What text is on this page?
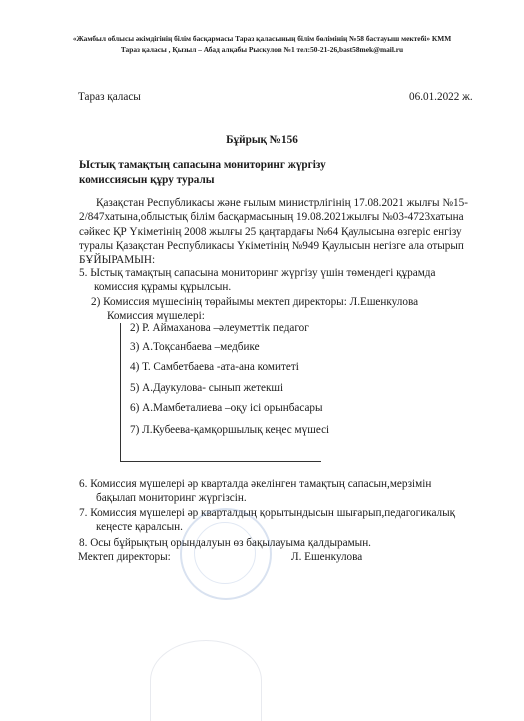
«Жамбыл облысы әкімдігінің білім басқармасы Тараз қаласының білім бөлімінің №58 бастауыш мектебі» КММ
Тараз қаласы , Қызыл – Абад алқабы Рыскулов №1 тел:50-21-26,bast58mek@mail.ru
Тараз қаласы	06.01.2022 ж.
Бұйрық №156
Ыстық тамақтың сапасына мониторинг жүргізу
комиссиясын құру туралы
Қазақстан Республикасы және ғылым министрлігінің 17.08.2021 жылғы №15-
2/847хатына,облыстық білім басқармасының 19.08.2021жылғы №03-4723хатына
сәйкес ҚР Үкіметінің 2008 жылғы 25 қаңтардағы №64 Қаулысына өзгеріс енгізу
туралы Қазақстан Республикасы Үкіметінің №949 Қаулысын негізге ала отырып
БҰЙЫРАМЫН:
5. Ыстық тамақтың сапасына мониторинг жүргізу үшін төмендегі құрамда
комиссия құрамы құрылсын.
2) Комиссия мүшесінің төрайымы мектеп директоры: Л.Ешенкулова
Комиссия мүшелері:
2) Р. Аймаханова –әлеуметтік педагог
3) А.Тоқсанбаева –медбике
4) Т. Самбетбаева -ата-ана комитеті
5) А.Даукулова- сынып жетекші
6) А.Мамбеталиева –оқу ісі орынбасары
7) Л.Кубеева-қамқоршылық кеңес мүшесі
6. Комиссия мүшелері әр кварталда әкелінген тамақтың сапасын,мерзімін
бақылап мониторинг жүргізсін.
7. Комиссия мүшелері әр кварталдың қорытындысын шығарып,педагогикалық
кеңесте қаралсын.
8. Осы бұйрықтың орындалуын өз бақылауыма қалдырамын.
Мектеп директоры:	Л. Ешенкулова
